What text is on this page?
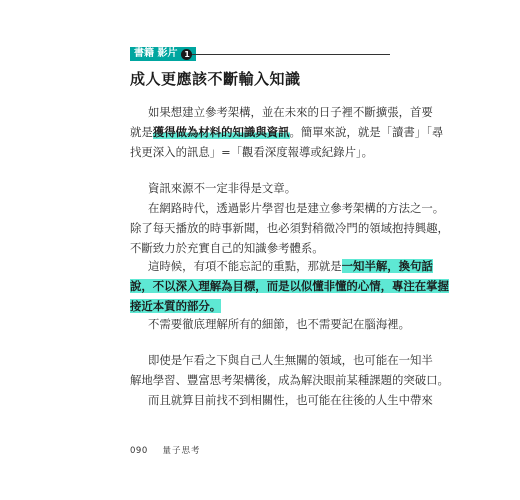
書籍 影片 1
成人更應該不斷輸入知識
如果想建立參考架構，並在未來的日子裡不斷擴張，首要
就是獲得做為材料的知識與資訊。簡單來說，就是「讀書」「尋
找更深入的訊息」=「觀看深度報導或紀錄片」。
資訊來源不一定非得是文章。
在網路時代，透過影片學習也是建立參考架構的方法之一。
除了每天播放的時事新聞，也必須對稍微冷門的領域抱持興趣，
不斷致力於充實自己的知識參考體系。
這時候，有項不能忘記的重點，那就是一知半解，換句話
說，不以深入理解為目標，而是以似懂非懂的心情，專注在掌握
接近本質的部分。
不需要徹底理解所有的細節，也不需要記在腦海裡。
即使是乍看之下與自己人生無關的領域，也可能在一知半
解地學習、豐富思考架構後，成為解決眼前某種課題的突破口。
而且就算目前找不到相關性，也可能在往後的人生中帶來
090 量子思考
